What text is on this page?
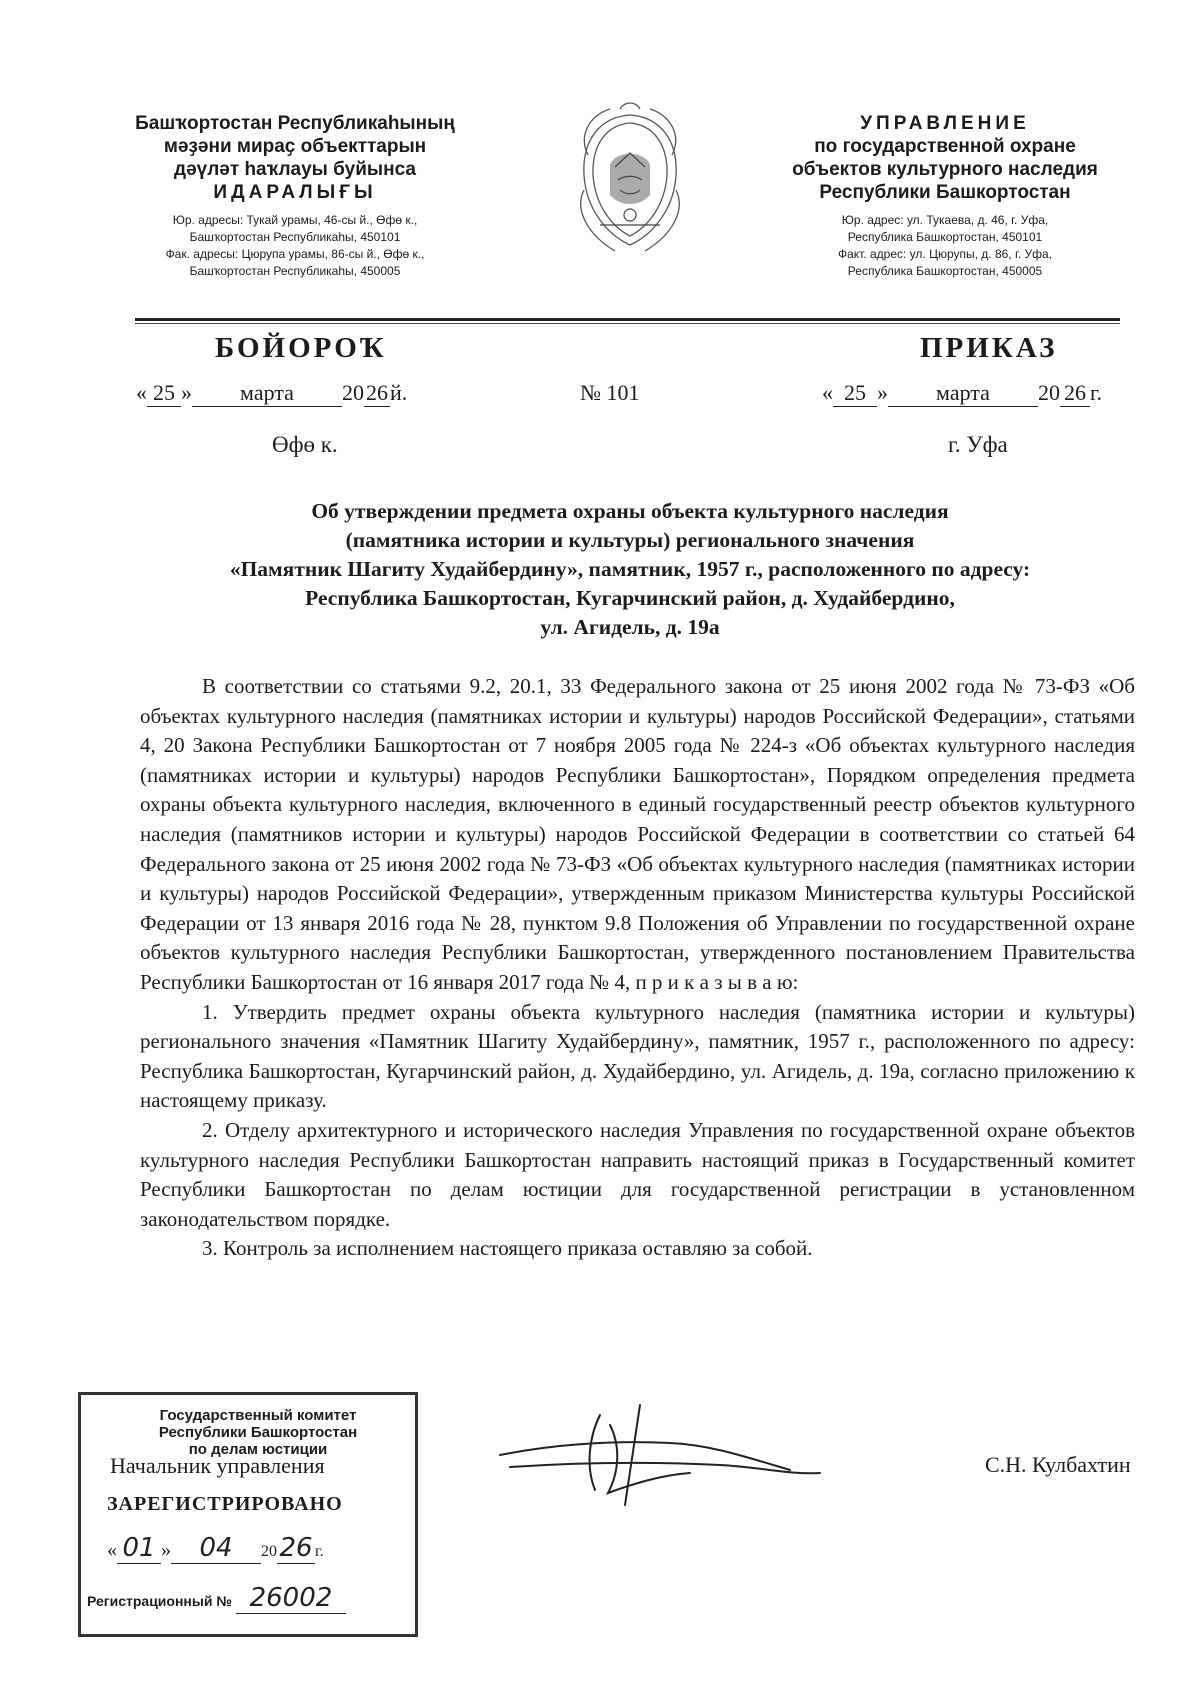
Башҡортостан Республикаһының
мәҙәни мираҫ объекттарын
дәүләт һаҡлауы буйынса
ИДАРАЛЫҒЫ
Юр. адресы: Тукай урамы, 46-сы й., Өфө к.,
Башҡортостан Республикаһы, 450101
Фак. адресы: Цюрупа урамы, 86-сы й., Өфө к.,
Башҡортостан Республикаһы, 450005
УПРАВЛЕНИЕ
по государственной охране
объектов культурного наследия
Республики Башкортостан
Юр. адрес: ул. Тукаева, д. 46, г. Уфа,
Республика Башкортостан, 450101
Факт. адрес: ул. Цюрупы, д. 86, г. Уфа,
Республика Башкортостан, 450005
БОЙОРОҠ	ПРИКАЗ
« 25 » марта 2026й.	№ 101	« 25 » марта 20 26 г.
Өфө к.	г. Уфа
Об утверждении предмета охраны объекта культурного наследия
(памятника истории и культуры) регионального значения
«Памятник Шагиту Худайбердину», памятник, 1957 г., расположенного по адресу:
Республика Башкортостан, Кугарчинский район, д. Худайбердино,
ул. Агидель, д. 19а

В соответствии со статьями 9.2, 20.1, 33 Федерального закона от 25 июня 2002 года № 73-ФЗ «Об объектах культурного наследия (памятниках истории и культуры) народов Российской Федерации», статьями 4, 20 Закона Республики Башкортостан от 7 ноября 2005 года № 224-з «Об объектах культурного наследия (памятниках истории и культуры) народов Республики Башкортостан», Порядком определения предмета охраны объекта культурного наследия, включенного в единый государственный реестр объектов культурного наследия (памятников истории и культуры) народов Российской Федерации в соответствии со статьей 64 Федерального закона от 25 июня 2002 года № 73-ФЗ «Об объектах культурного наследия (памятниках истории и культуры) народов Российской Федерации», утвержденным приказом Министерства культуры Российской Федерации от 13 января 2016 года № 28, пунктом 9.8 Положения об Управлении по государственной охране объектов культурного наследия Республики Башкортостан, утвержденного постановлением Правительства Республики Башкортостан от 16 января 2017 года № 4, п р и к а з ы в а ю:

1. Утвердить предмет охраны объекта культурного наследия (памятника истории и культуры) регионального значения «Памятник Шагиту Худайбердину», памятник, 1957 г., расположенного по адресу: Республика Башкортостан, Кугарчинский район, д. Худайбердино, ул. Агидель, д. 19а, согласно приложению к настоящему приказу.

2. Отделу архитектурного и исторического наследия Управления по государственной охране объектов культурного наследия Республики Башкортостан направить настоящий приказ в Государственный комитет Республики Башкортостан по делам юстиции для государственной регистрации в установленном законодательством порядке.

3. Контроль за исполнением настоящего приказа оставляю за собой.

Начальник управления	С.Н. Кулбахтин
Государственный комитет
Республики Башкортостан
по делам юстиции
ЗАРЕГИСТРИРОВАНО
« 01 » 04 2026 г.
Регистрационный № 26002
